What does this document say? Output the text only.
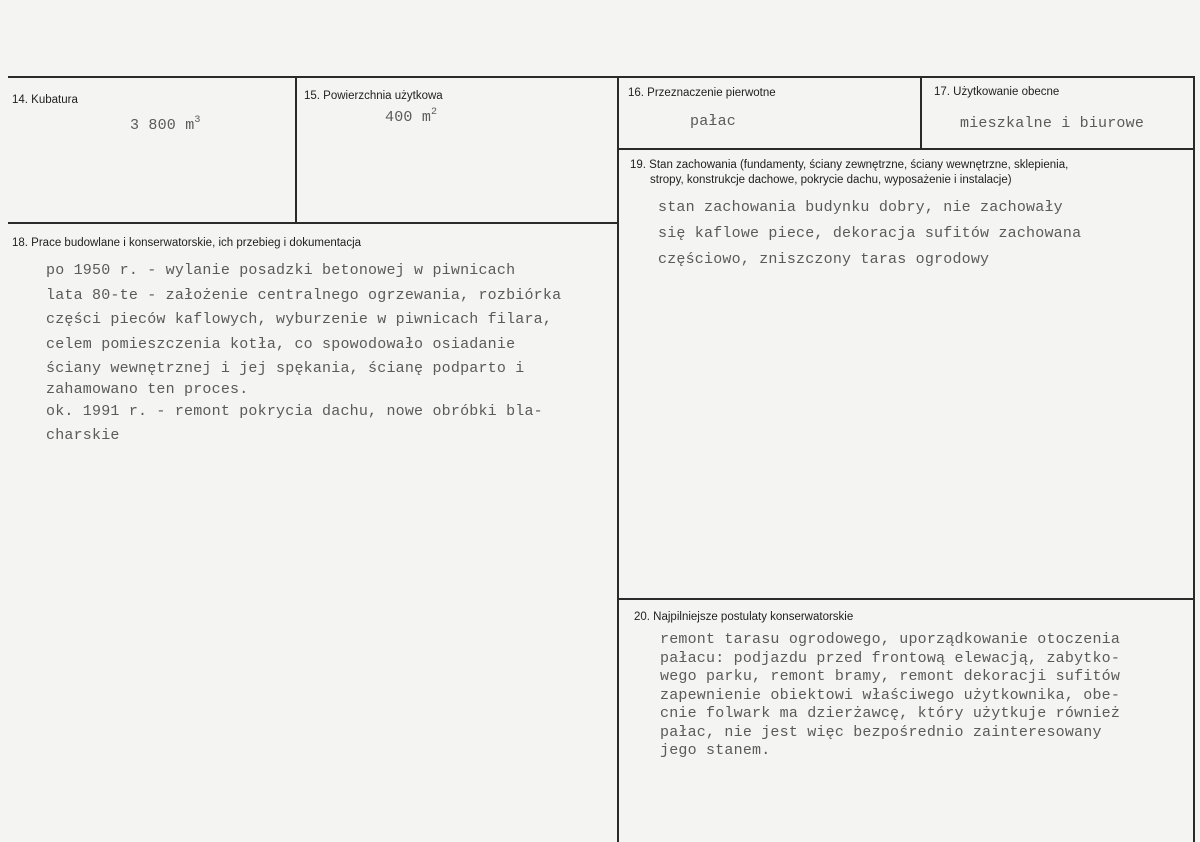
14. Kubatura
3 800 $m^3$
15. Powierzchnia użytkowa
400 $m^2$
16. Przeznaczenie pierwotne
pałac
17. Użytkowanie obecne
mieszkalne i biurowe
18. Prace budowlane i konserwatorskie, ich przebieg i dokumentacja
po 1950 r. - wylanie posadzki betonowej w piwnicach
lata 80-te - założenie centralnego ogrzewania, rozbiórka
części pieców kaflowych, wyburzenie w piwnicach filara,
celem pomieszczenia kotła, co spowodowało osiadanie
ściany wewnętrznej i jej spękania, ścianę podparto i
zahamowano ten proces.
ok. 1991 r. - remont pokrycia dachu, nowe obróbki bla-
charskie
19. Stan zachowania (fundamenty, ściany zewnętrzne, ściany wewnętrzne, sklepienia,
stropy, konstrukcje dachowe, pokrycie dachu, wyposażenie i instalacje)
stan zachowania budynku dobry, nie zachowały
się kaflowe piece, dekoracja sufitów zachowana
częściowo, zniszczony taras ogrodowy
20. Najpilniejsze postulaty konserwatorskie
remont tarasu ogrodowego, uporządkowanie otoczenia
pałacu: podjazdu przed frontową elewacją, zabytko-
wego parku, remont bramy, remont dekoracji sufitów
zapewnienie obiektowi właściwego użytkownika, obe-
cnie folwark ma dzierżawcę, który użytkuje również
pałac, nie jest więc bezpośrednio zainteresowany
jego stanem.
